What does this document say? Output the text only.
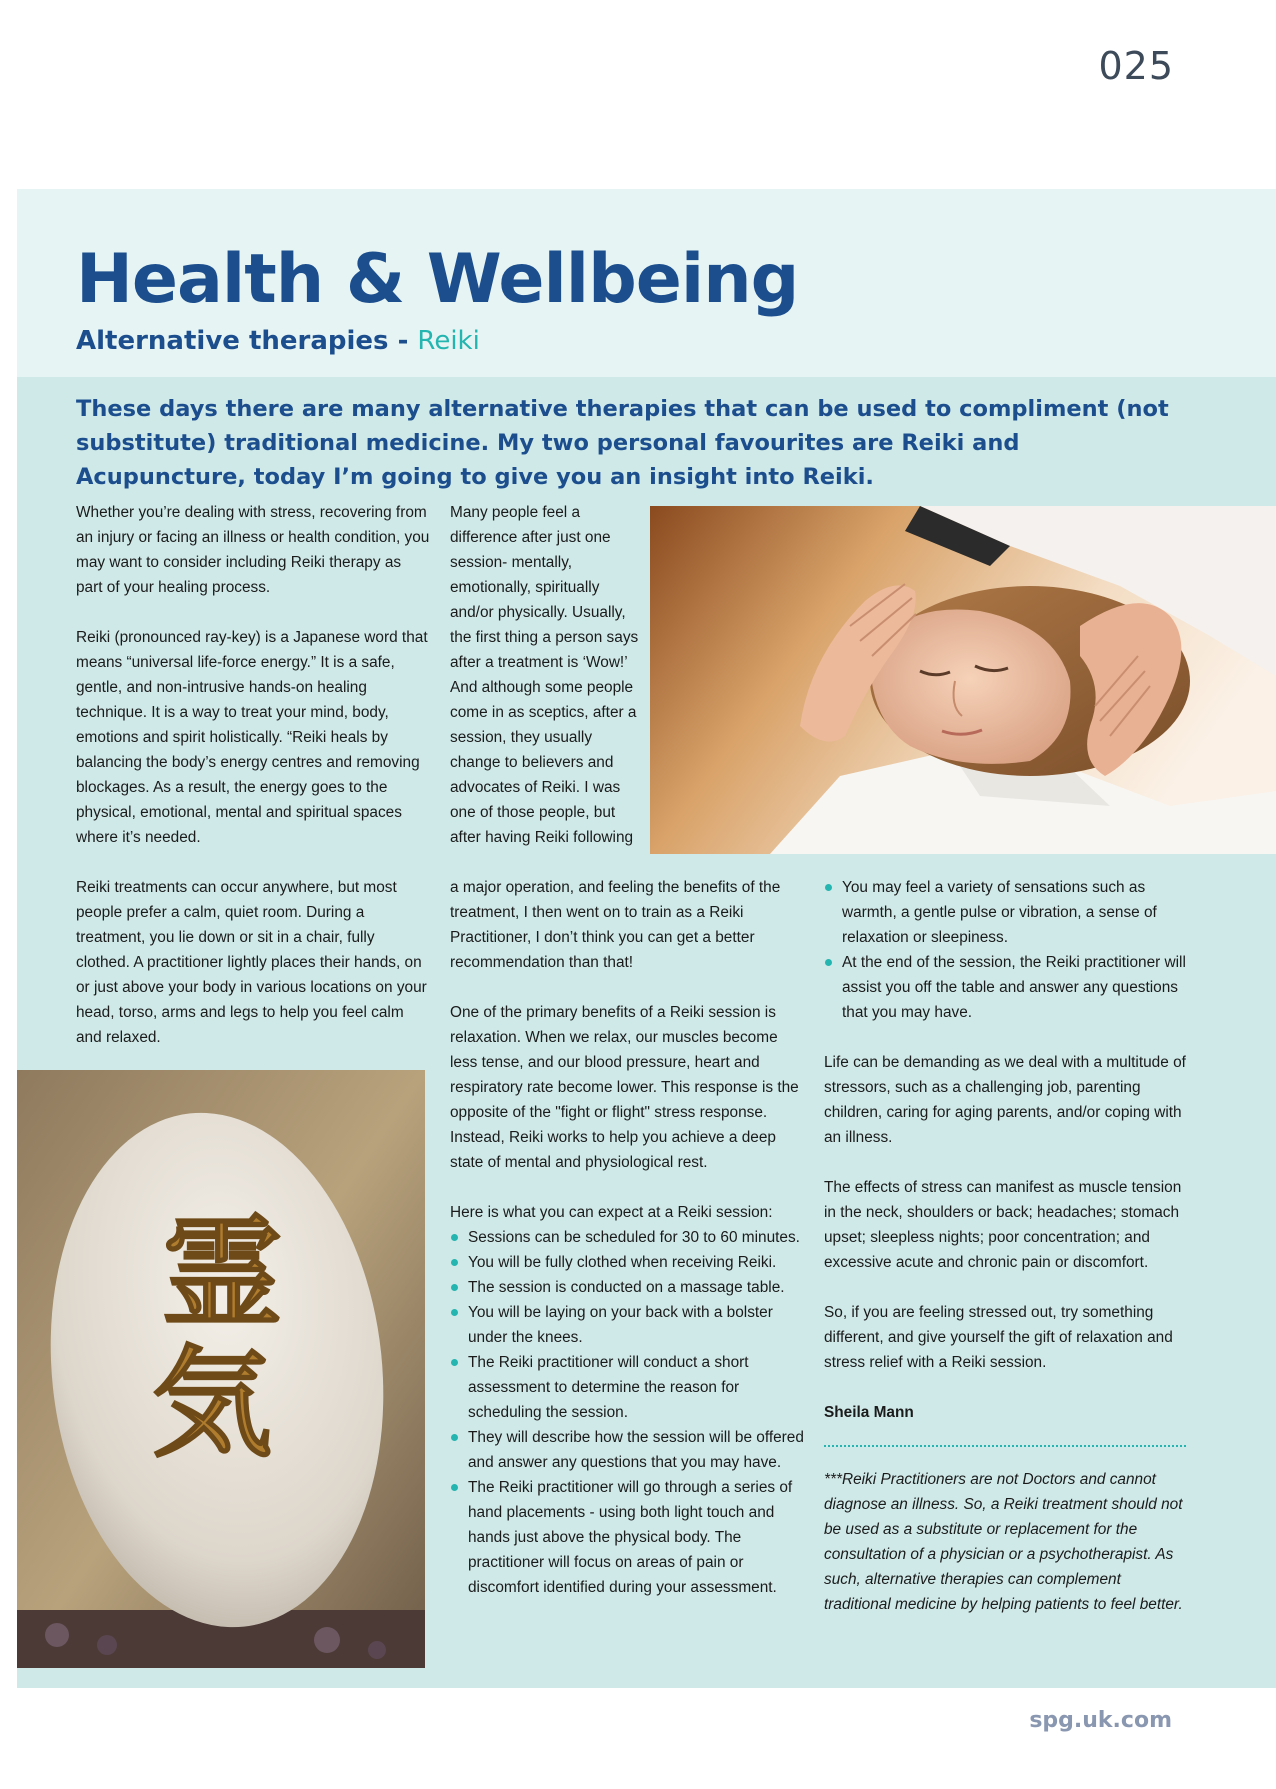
025
Health & Wellbeing
Alternative therapies - Reiki

These days there are many alternative therapies that can be used to compliment (not substitute) traditional medicine. My two personal favourites are Reiki and Acupuncture, today I’m going to give you an insight into Reiki.

Whether you’re dealing with stress, recovering from an injury or facing an illness or health condition, you may want to consider including Reiki therapy as part of your healing process.

Reiki (pronounced ray-key) is a Japanese word that means “universal life-force energy.” It is a safe, gentle, and non-intrusive hands-on healing technique. It is a way to treat your mind, body, emotions and spirit holistically. “Reiki heals by balancing the body’s energy centres and removing blockages. As a result, the energy goes to the physical, emotional, mental and spiritual spaces where it’s needed.

Reiki treatments can occur anywhere, but most people prefer a calm, quiet room. During a treatment, you lie down or sit in a chair, fully clothed. A practitioner lightly places their hands, on or just above your body in various locations on your head, torso, arms and legs to help you feel calm and relaxed.

Many people feel a difference after just one session- mentally, emotionally, spiritually and/or physically. Usually, the first thing a person says after a treatment is ‘Wow!’ And although some people come in as sceptics, after a session, they usually change to believers and advocates of Reiki. I was one of those people, but after having Reiki following

a major operation, and feeling the benefits of the treatment, I then went on to train as a Reiki Practitioner, I don’t think you can get a better recommendation than that!

One of the primary benefits of a Reiki session is relaxation. When we relax, our muscles become less tense, and our blood pressure, heart and respiratory rate become lower. This response is the opposite of the "fight or flight" stress response. Instead, Reiki works to help you achieve a deep state of mental and physiological rest.

Here is what you can expect at a Reiki session:

Sessions can be scheduled for 30 to 60 minutes.
You will be fully clothed when receiving Reiki.
The session is conducted on a massage table.
You will be laying on your back with a bolster under the knees.
The Reiki practitioner will conduct a short assessment to determine the reason for scheduling the session.
They will describe how the session will be offered and answer any questions that you may have.
The Reiki practitioner will go through a series of hand placements - using both light touch and hands just above the physical body. The practitioner will focus on areas of pain or discomfort identified during your assessment.
You may feel a variety of sensations such as warmth, a gentle pulse or vibration, a sense of relaxation or sleepiness.
At the end of the session, the Reiki practitioner will assist you off the table and answer any questions that you may have.

Life can be demanding as we deal with a multitude of stressors, such as a challenging job, parenting children, caring for aging parents, and/or coping with an illness.

The effects of stress can manifest as muscle tension in the neck, shoulders or back; headaches; stomach upset; sleepless nights; poor concentration; and excessive acute and chronic pain or discomfort.

So, if you are feeling stressed out, try something different, and give yourself the gift of relaxation and stress relief with a Reiki session.

Sheila Mann

***Reiki Practitioners are not Doctors and cannot diagnose an illness. So, a Reiki treatment should not be used as a substitute or replacement for the consultation of a physician or a psychotherapist. As such, alternative therapies can complement traditional medicine by helping patients to feel better.

霊
気
spg.uk.com
